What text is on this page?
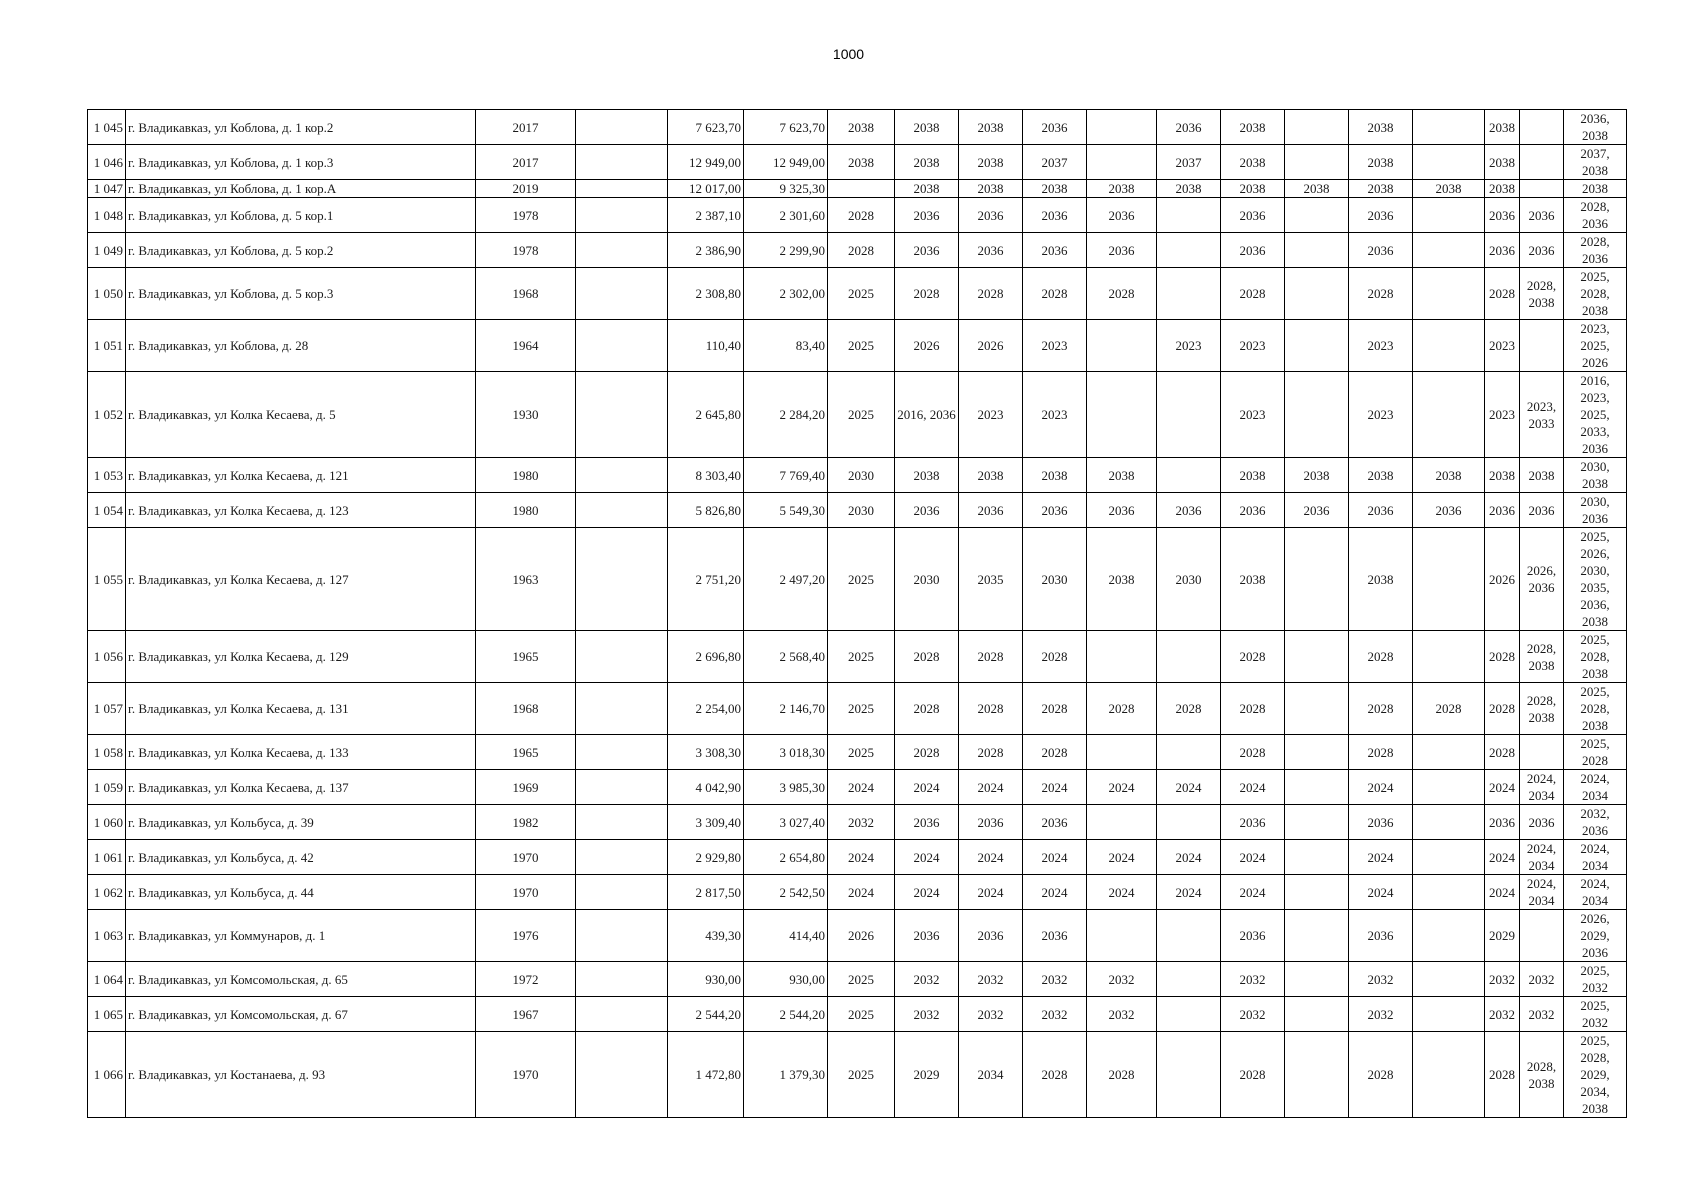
1000
1 045	г. Владикавказ, ул Коблова, д. 1 кор.2	2017		7 623,70	7 623,70	2038	2038	2038	2036		2036	2038		2038		2038		2036, 2038
1 046	г. Владикавказ, ул Коблова, д. 1 кор.3	2017		12 949,00	12 949,00	2038	2038	2038	2037		2037	2038		2038		2038		2037, 2038
1 047	г. Владикавказ, ул Коблова, д. 1 кор.А	2019		12 017,00	9 325,30		2038	2038	2038	2038	2038	2038	2038	2038	2038	2038		2038
1 048	г. Владикавказ, ул Коблова, д. 5 кор.1	1978		2 387,10	2 301,60	2028	2036	2036	2036	2036		2036		2036		2036	2036	2028, 2036
1 049	г. Владикавказ, ул Коблова, д. 5 кор.2	1978		2 386,90	2 299,90	2028	2036	2036	2036	2036		2036		2036		2036	2036	2028, 2036
1 050	г. Владикавказ, ул Коблова, д. 5 кор.3	1968		2 308,80	2 302,00	2025	2028	2028	2028	2028		2028		2028		2028	2028, 2038	2025, 2028, 2038
1 051	г. Владикавказ, ул Коблова, д. 28	1964		110,40	83,40	2025	2026	2026	2023		2023	2023		2023		2023		2023, 2025, 2026
1 052	г. Владикавказ, ул Колка Кесаева, д. 5	1930		2 645,80	2 284,20	2025	2016, 2036	2023	2023			2023		2023		2023	2023, 2033	2016, 2023, 2025, 2033, 2036
1 053	г. Владикавказ, ул Колка Кесаева, д. 121	1980		8 303,40	7 769,40	2030	2038	2038	2038	2038		2038	2038	2038	2038	2038	2038	2030, 2038
1 054	г. Владикавказ, ул Колка Кесаева, д. 123	1980		5 826,80	5 549,30	2030	2036	2036	2036	2036	2036	2036	2036	2036	2036	2036	2036	2030, 2036
1 055	г. Владикавказ, ул Колка Кесаева, д. 127	1963		2 751,20	2 497,20	2025	2030	2035	2030	2038	2030	2038		2038		2026	2026, 2036	2025, 2026, 2030, 2035, 2036, 2038
1 056	г. Владикавказ, ул Колка Кесаева, д. 129	1965		2 696,80	2 568,40	2025	2028	2028	2028			2028		2028		2028	2028, 2038	2025, 2028, 2038
1 057	г. Владикавказ, ул Колка Кесаева, д. 131	1968		2 254,00	2 146,70	2025	2028	2028	2028	2028	2028	2028		2028	2028	2028	2028, 2038	2025, 2028, 2038
1 058	г. Владикавказ, ул Колка Кесаева, д. 133	1965		3 308,30	3 018,30	2025	2028	2028	2028			2028		2028		2028		2025, 2028
1 059	г. Владикавказ, ул Колка Кесаева, д. 137	1969		4 042,90	3 985,30	2024	2024	2024	2024	2024	2024	2024		2024		2024	2024, 2034	2024, 2034
1 060	г. Владикавказ, ул Кольбуса, д. 39	1982		3 309,40	3 027,40	2032	2036	2036	2036			2036		2036		2036	2036	2032, 2036
1 061	г. Владикавказ, ул Кольбуса, д. 42	1970		2 929,80	2 654,80	2024	2024	2024	2024	2024	2024	2024		2024		2024	2024, 2034	2024, 2034
1 062	г. Владикавказ, ул Кольбуса, д. 44	1970		2 817,50	2 542,50	2024	2024	2024	2024	2024	2024	2024		2024		2024	2024, 2034	2024, 2034
1 063	г. Владикавказ, ул Коммунаров, д. 1	1976		439,30	414,40	2026	2036	2036	2036			2036		2036		2029		2026, 2029, 2036
1 064	г. Владикавказ, ул Комсомольская, д. 65	1972		930,00	930,00	2025	2032	2032	2032	2032		2032		2032		2032	2032	2025, 2032
1 065	г. Владикавказ, ул Комсомольская, д. 67	1967		2 544,20	2 544,20	2025	2032	2032	2032	2032		2032		2032		2032	2032	2025, 2032
1 066	г. Владикавказ, ул Костанаева, д. 93	1970		1 472,80	1 379,30	2025	2029	2034	2028	2028		2028		2028		2028	2028, 2038	2025, 2028, 2029, 2034, 2038
